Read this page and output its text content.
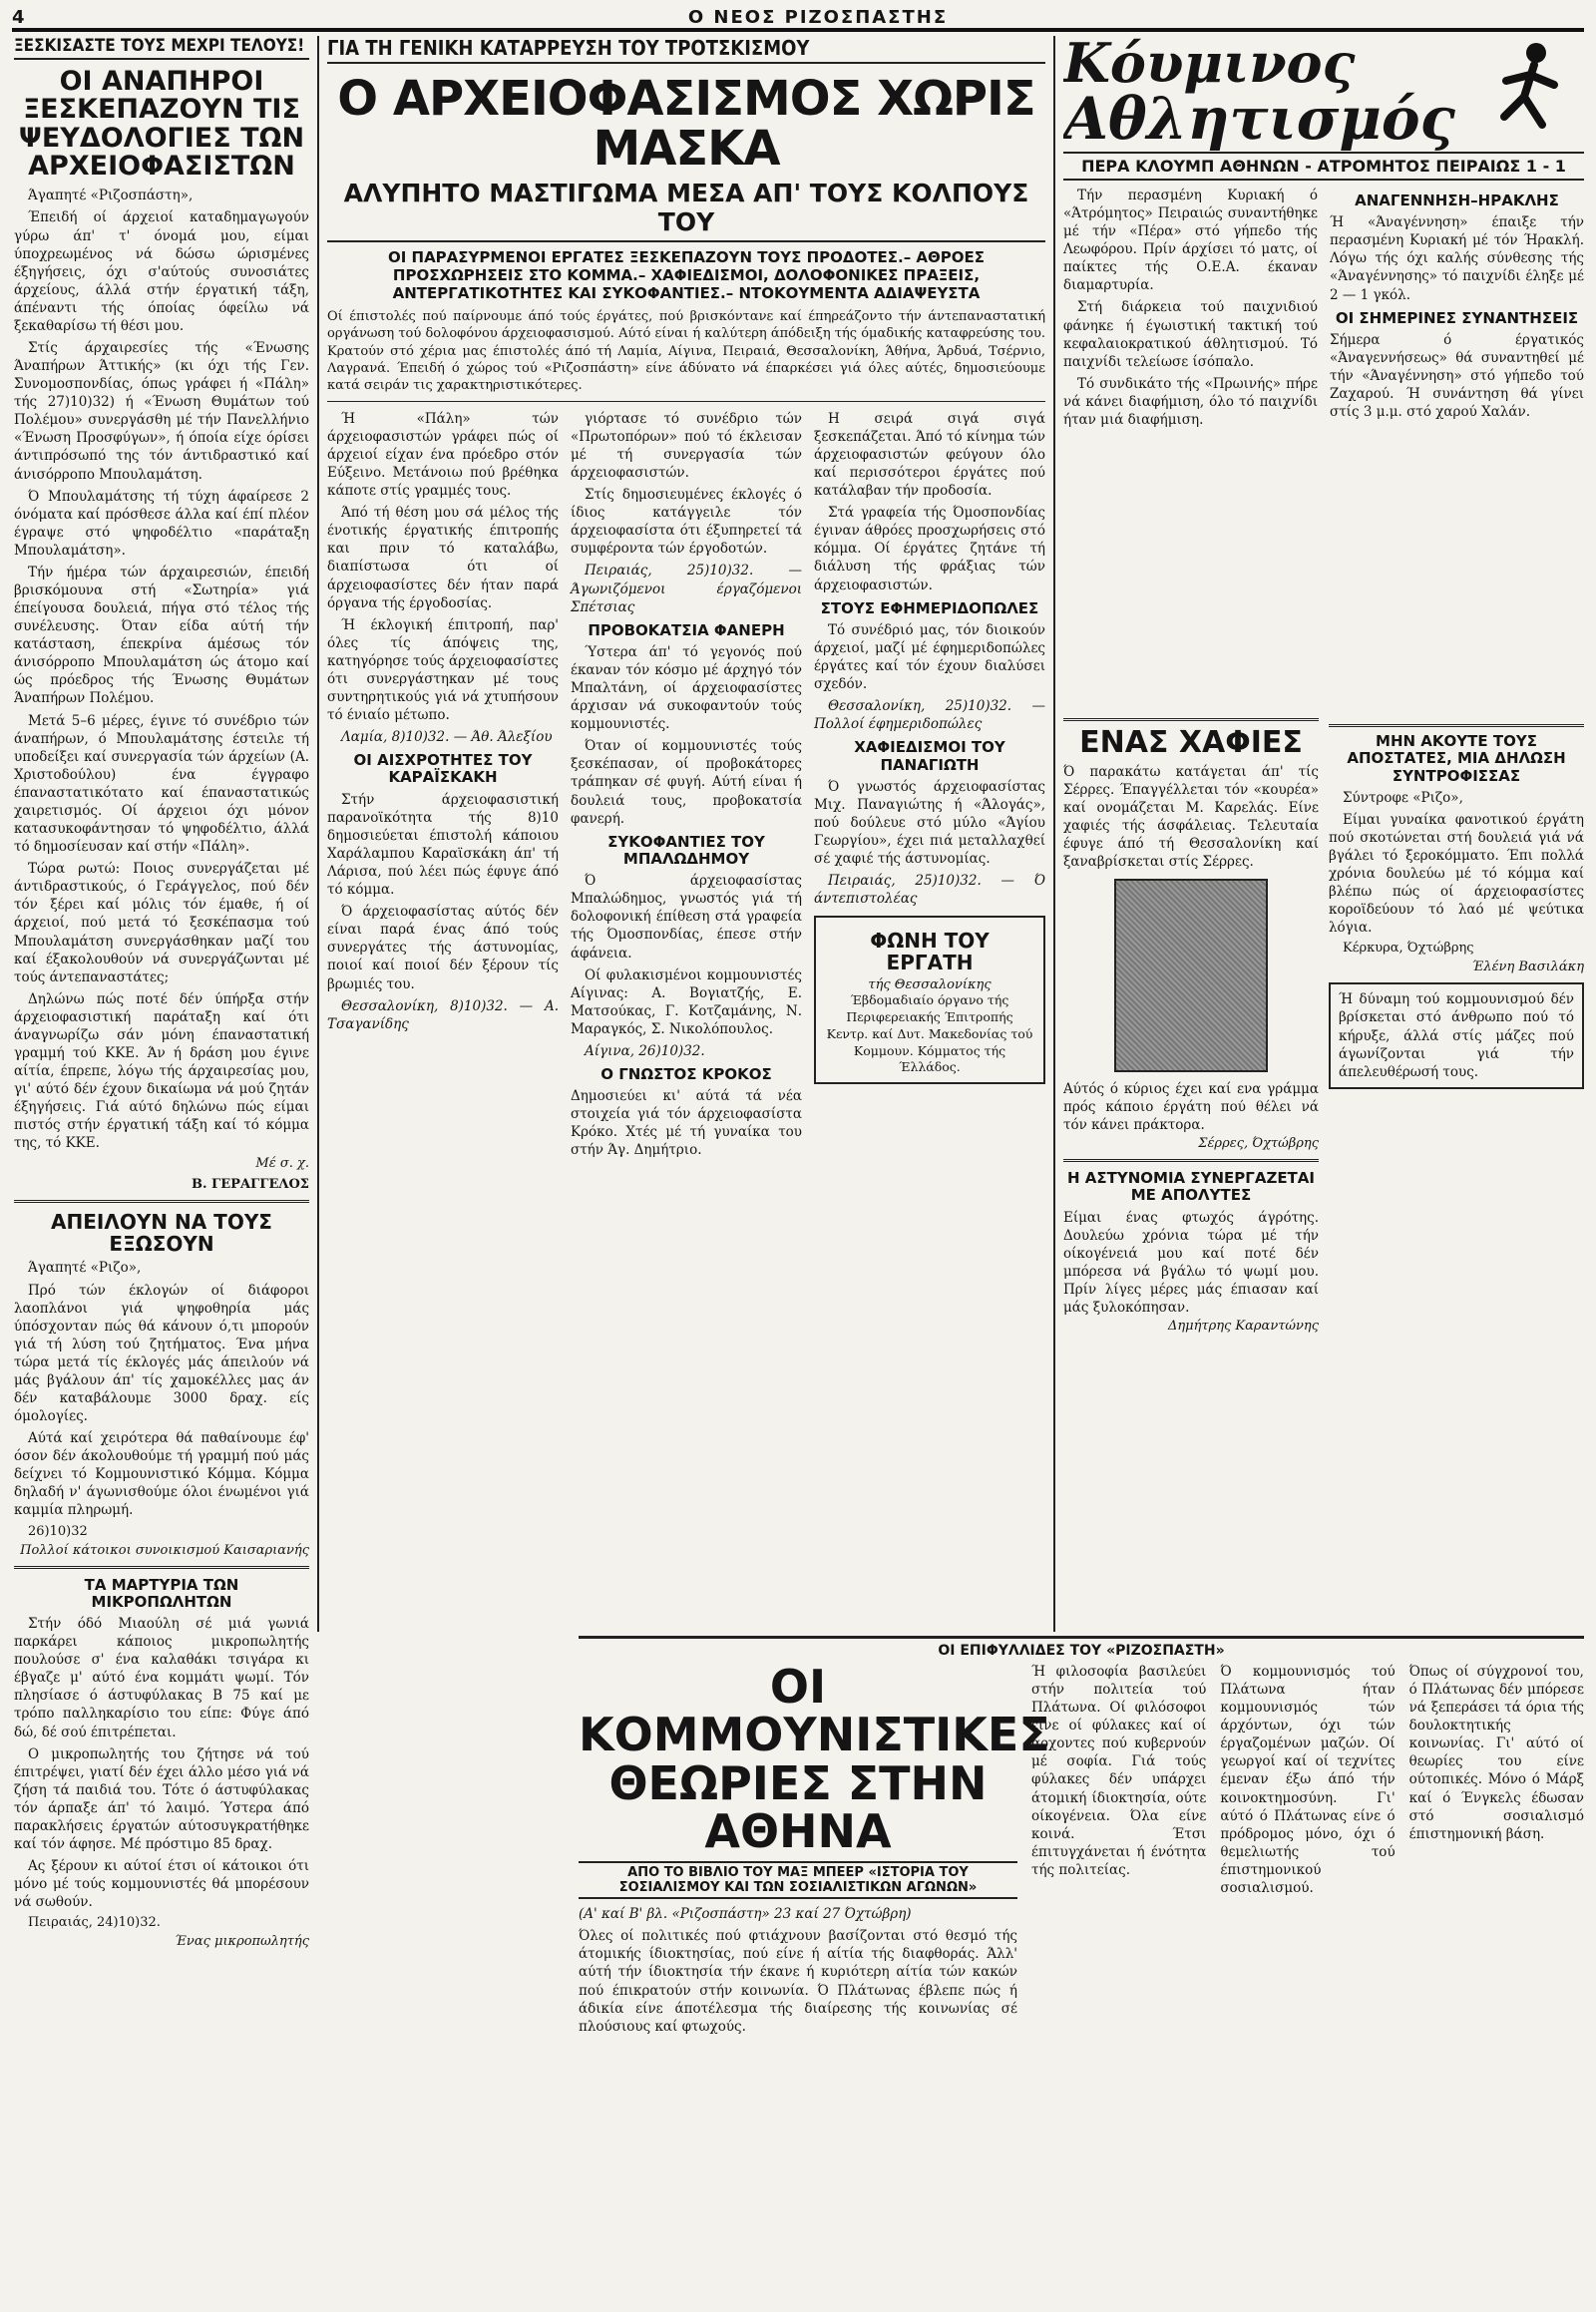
4	Ο ΝΕΟΣ ΡΙΖΟΣΠΑΣΤΗΣ
ΞΕΣΚΙΣΑΣΤΕ ΤΟΥΣ ΜΕΧΡΙ ΤΕΛΟΥΣ!
ΟΙ ΑΝΑΠΗΡΟΙ ΞΕΣΚΕΠΑΖΟΥΝ ΤΙΣ ΨΕΥΔΟΛΟΓΙΕΣ ΤΩΝ ΑΡΧΕΙΟΦΑΣΙΣΤΩΝ

Άγαπητέ «Ριζοσπάστη»,

Έπειδή οί άρχειοί καταδημαγωγούν γύρω άπ' τ' όνομά μου, είμαι ύποχρεωμένος νά δώσω ώρισμένες έξηγήσεις, όχι σ'αύτούς συνοσιάτες άρχείους, άλλά στήν έργατική τάξη, άπέναντι τής όποίας όφείλω νά ξεκαθαρίσω τή θέσι μου.

Στίς άρχαιρεσίες τής «Ένωσης Άναπήρων Άττικής» (κι όχι τής Γεν. Συνομοσπονδίας, όπως γράφει ή «Πάλη» τής 27)10)32) ή «Ένωση Θυμάτων τού Πολέμου» συνεργάσθη μέ τήν Πανελλήνιο «Ένωση Προσφύγων», ή όποία είχε όρίσει άντιπρόσωπό της τόν άντιδραστικό καί άνισόρροπο Μπουλαμάτση.

Ό Μπουλαμάτσης τή τύχη άφαίρεσε 2 όνόματα καί πρόσθεσε άλλα καί έπί πλέον έγραψε στό ψηφοδέλτιο «παράταξη Μπουλαμάτση».

Τήν ήμέρα τών άρχαιρεσιών, έπειδή βρισκόμουνα στή «Σωτηρία» γιά έπείγουσα δουλειά, πήγα στό τέλος τής συνέλευσης. Όταν είδα αύτή τήν κατάσταση, έπεκρίνα άμέσως τόν άνισόρροπο Μπουλαμάτση ώς άτομο καί ώς πρόεδρος τής Ένωσης Θυμάτων Άναπήρων Πολέμου.

Μετά 5–6 μέρες, έγινε τό συνέδριο τών άναπήρων, ό Μπουλαμάτσης έστειλε τή υποδείξει καί συνεργασία τών άρχείων (Α. Χριστοδούλου) ένα έγγραφο έπαναστατικότατο καί έπαναστατικώς χαιρετισμός. Οί άρχειοι όχι μόνον κατασυκοφάντησαν τό ψηφοδέλτιο, άλλά τό δημοσίευσαν καί στήν «Πάλη».

Τώρα ρωτώ: Ποιος συνεργάζεται μέ άντιδραστικούς, ό Γεράγγελος, πού δέν τόν ξέρει καί μόλις τόν έμαθε, ή οί άρχειοί, πού μετά τό ξεσκέπασμα τού Μπουλαμάτση συνεργάσθηκαν μαζί του καί έξακολουθούν νά συνεργάζωνται μέ τούς άντεπαναστάτες;

Δηλώνω πώς ποτέ δέν ύπήρξα στήν άρχειοφασιστική παράταξη καί ότι άναγνωρίζω σάν μόνη έπαναστατική γραμμή τού ΚΚΕ. Άν ή δράση μου έγινε αίτία, έπρεπε, λόγω τής άρχαιρεσίας μου, γι' αύτό δέν έχουν δικαίωμα νά μού ζητάν έξηγήσεις. Γιά αύτό δηλώνω πώς είμαι πιστός στήν έργατική τάξη καί τό κόμμα της, τό ΚΚΕ.

Μέ σ. χ.
Β. ΓΕΡΑΓΓΕΛΟΣ
ΑΠΕΙΛΟΥΝ ΝΑ ΤΟΥΣ ΕΞΩΣΟΥΝ

Άγαπητέ «Ριζο»,

Πρό τών έκλογών οί διάφοροι λαοπλάνοι γιά ψηφοθηρία μάς ύπόσχονταν πώς θά κάνουν ό,τι μπορούν γιά τή λύση τού ζητήματος. Ένα μήνα τώρα μετά τίς έκλογές μάς άπειλούν νά μάς βγάλουν άπ' τίς χαμοκέλλες μας άν δέν καταβάλουμε 3000 δραχ. είς όμολογίες.

Αύτά καί χειρότερα θά παθαίνουμε έφ' όσον δέν άκολουθούμε τή γραμμή πού μάς δείχνει τό Κομμουνιστικό Κόμμα. Κόμμα δηλαδή ν' άγωνισθούμε όλοι ένωμένοι γιά καμμία πληρωμή.

26)10)32
Πολλοί κάτοικοι συνοικισμού Καισαριανής
ΤΑ ΜΑΡΤΥΡΙΑ ΤΩΝ ΜΙΚΡΟΠΩΛΗΤΩΝ

Στήν όδό Μιαούλη σέ μιά γωνιά παρκάρει κάποιος μικροπωλητής πουλούσε σ' ένα καλαθάκι τσιγάρα κι έβγαζε μ' αύτό ένα κομμάτι ψωμί. Τόν πλησίασε ό άστυφύλακας Β 75 καί με τρόπο παλληκαρίσιο του είπε: Φύγε άπό δώ, δέ σού έπιτρέπεται.

Ο μικροπωλητής του ζήτησε νά τού έπιτρέψει, γιατί δέν έχει άλλο μέσο γιά νά ζήση τά παιδιά του. Τότε ό άστυφύλακας τόν άρπαξε άπ' τό λαιμό. Ύστερα άπό παρακλήσεις έργατών αύτοσυγκρατήθηκε καί τόν άφησε. Μέ πρόστιμο 85 δραχ.

Ας ξέρουν κι αύτοί έτσι οί κάτοικοι ότι μόνο μέ τούς κομμουνιστές θά μπορέσουν νά σωθούν.

Πειραιάς, 24)10)32.
Ένας μικροπωλητής
ΓΙΑ ΤΗ ΓΕΝΙΚΗ ΚΑΤΑΡΡΕΥΣΗ ΤΟΥ ΤΡΟΤΣΚΙΣΜΟΥ
Ο ΑΡΧΕΙΟΦΑΣΙΣΜΟΣ ΧΩΡΙΣ ΜΑΣΚΑ
ΑΛΥΠΗΤΟ ΜΑΣΤΙΓΩΜΑ ΜΕΣΑ ΑΠ' ΤΟΥΣ ΚΟΛΠΟΥΣ ΤΟΥ
ΟΙ ΠΑΡΑΣΥΡΜΕΝΟΙ ΕΡΓΑΤΕΣ ΞΕΣΚΕΠΑΖΟΥΝ ΤΟΥΣ ΠΡΟΔΟΤΕΣ.– ΑΘΡΟΕΣ ΠΡΟΣΧΩΡΗΣΕΙΣ ΣΤΟ ΚΟΜΜΑ.– ΧΑΦΙΕΔΙΣΜΟΙ, ΔΟΛΟΦΟΝΙΚΕΣ ΠΡΑΞΕΙΣ, ΑΝΤΕΡΓΑΤΙΚΟΤΗΤΕΣ ΚΑΙ ΣΥΚΟΦΑΝΤΙΕΣ.– ΝΤΟΚΟΥΜΕΝΤΑ ΑΔΙΑΨΕΥΣΤΑ
Οί έπιστολές πού παίρνουμε άπό τούς έργάτες, πού βρισκόντανε καί έπηρεάζοντο τήν άντεπαναστατική οργάνωση τού δολοφόνου άρχειοφασισμού. Αύτό είναι ή καλύτερη άπόδειξη τής όμαδικής καταφρεύσης του. Κρατούν στό χέρια μας έπιστολές άπό τή Λαμία, Αίγινα, Πειραιά, Θεσσαλονίκη, Άθήνα, Άρδυά, Τσέρνιο, Λαγρανά. Έπειδή ό χώρος τού «Ριζοσπάστη» είνε άδύνατο νά έπαρκέσει γιά όλες αύτές, δημοσιεύουμε κατά σειράν τις χαρακτηριστικότερες.

Ή «Πάλη» τών άρχειοφασιστών γράφει πώς οί άρχειοί είχαν ένα πρόεδρο στόν Εύξεινο. Μετάνοιω πού βρέθηκα κάποτε στίς γραμμές τους.

Άπό τή θέση μου σά μέλος τής ένοτικής έργατικής έπιτροπής και πριν τό καταλάβω, διαπίστωσα ότι οί άρχειοφασίστες δέν ήταν παρά όργανα τής έργοδοσίας.

Ή έκλογική έπιτροπή, παρ' όλες τίς άπόψεις της, κατηγόρησε τούς άρχειοφασίστες ότι συνεργάστηκαν μέ τους συντηρητικούς γιά νά χτυπήσουν τό ένιαίο μέτωπο.

Λαμία, 8)10)32. — Άθ. Άλεξίου

ΟΙ ΑΙΣΧΡΟΤΗΤΕΣ ΤΟΥ ΚΑΡΑΪΣΚΑΚΗ

Στήν άρχειοφασιστική παρανοϊκότητα τής 8)10 δημοσιεύεται έπιστολή κάποιου Χαράλαμπου Καραϊσκάκη άπ' τή Λάρισα, πού λέει πώς έφυγε άπό τό κόμμα.

Ό άρχειοφασίστας αύτός δέν είναι παρά ένας άπό τούς συνεργάτες τής άστυνομίας, ποιοί καί ποιοί δέν ξέρουν τίς βρωμιές του.

Θεσσαλονίκη, 8)10)32. — Α. Τσαγανίδης

γιόρτασε τό συνέδριο τών «Πρωτοπόρων» πού τό έκλεισαν μέ τή συνεργασία τών άρχειοφασιστών.

Στίς δημοσιευμένες έκλογές ό ίδιος κατάγγειλε τόν άρχειοφασίστα ότι έξυπηρετεί τά συμφέροντα τών έργοδοτών.

Πειραιάς, 25)10)32. — Άγωνιζόμενοι έργαζόμενοι Σπέτσιας

ΠΡΟΒΟΚΑΤΣΙΑ ΦΑΝΕΡΗ

Ύστερα άπ' τό γεγονός πού έκαναν τόν κόσμο μέ άρχηγό τόν Μπαλτάνη, οί άρχειοφασίστες άρχισαν νά συκοφαντούν τούς κομμουνιστές.

Όταν οί κομμουνιστές τούς ξεσκέπασαν, οί προβοκάτορες τράπηκαν σέ φυγή. Αύτή είναι ή δουλειά τους, προβοκατσία φανερή.

ΣΥΚΟΦΑΝΤΙΕΣ ΤΟΥ ΜΠΑΛΩΔΗΜΟΥ

Ό άρχειοφασίστας Μπαλώδημος, γνωστός γιά τή δολοφονική έπίθεση στά γραφεία τής Όμοσπονδίας, έπεσε στήν άφάνεια.

Οί φυλακισμένοι κομμουνιστές Αίγινας: Α. Βογιατζής, Ε. Ματσούκας, Γ. Κοτζαμάνης, Ν. Μαραγκός, Σ. Νικολόπουλος.

Αίγινα, 26)10)32.

Ο ΓΝΩΣΤΟΣ ΚΡΟΚΟΣ
Δημοσιεύει κι' αύτά τά νέα στοιχεία γιά τόν άρχειοφασίστα Κρόκο. Χτές μέ τή γυναίκα του στήν Άγ. Δημήτριο.

Η σειρά σιγά σιγά ξεσκεπάζεται. Άπό τό κίνημα τών άρχειοφασιστών φεύγουν όλο καί περισσότεροι έργάτες πού κατάλαβαν τήν προδοσία.

Στά γραφεία τής Όμοσπονδίας έγιναν άθρόες προσχωρήσεις στό κόμμα. Οί έργάτες ζητάνε τή διάλυση τής φράξιας τών άρχειοφασιστών.

ΣΤΟΥΣ ΕΦΗΜΕΡΙΔΟΠΩΛΕΣ

Τό συνέδριό μας, τόν διοικούν άρχειοί, μαζί μέ έφημεριδοπώλες έργάτες καί τόν έχουν διαλύσει σχεδόν.

Θεσσαλονίκη, 25)10)32. — Πολλοί έφημεριδοπώλες

ΧΑΦΙΕΔΙΣΜΟΙ ΤΟΥ ΠΑΝΑΓΙΩΤΗ

Ό γνωστός άρχειοφασίστας Μιχ. Παναγιώτης ή «Άλογάς», πού δούλευε στό μύλο «Άγίου Γεωργίου», έχει πιά μεταλλαχθεί σέ χαφιέ τής άστυνομίας.

Πειραιάς, 25)10)32. — Ό άντεπιστολέας

ΦΩΝΗ ΤΟΥ ΕΡΓΑΤΗ
τής Θεσσαλονίκης
Έβδομαδιαίο όργανο τής Περιφερειακής Έπιτροπής Κεντρ. καί Δυτ. Μακεδονίας τού Κομμουν. Κόμματος τής Έλλάδος.
Κόυμινος
Αθλητισμός
ΠΕΡΑ ΚΛΟΥΜΠ ΑΘΗΝΩΝ - ΑΤΡΟΜΗΤΟΣ ΠΕΙΡΑΙΩΣ 1 - 1

Τήν περασμένη Κυριακή ό «Άτρόμητος» Πειραιώς συναντήθηκε μέ τήν «Πέρα» στό γήπεδο τής Λεωφόρου. Πρίν άρχίσει τό ματς, οί παίκτες τής Ο.Ε.Α. έκαναν διαμαρτυρία.

Στή διάρκεια τού παιχνιδιού φάνηκε ή έγωιστική τακτική τού κεφαλαιοκρατικού άθλητισμού. Τό παιχνίδι τελείωσε ίσόπαλο.

Τό συνδικάτο τής «Πρωινής» πήρε νά κάνει διαφήμιση, όλο τό παιχνίδι ήταν μιά διαφήμιση.

ΑΝΑΓΕΝΝΗΣΗ–ΗΡΑΚΛΗΣ
Ή «Άναγέννηση» έπαιξε τήν περασμένη Κυριακή μέ τόν Ήρακλή. Λόγω τής όχι καλής σύνθεσης τής «Άναγέννησης» τό παιχνίδι έληξε μέ 2 — 1 γκόλ.
ΟΙ ΣΗΜΕΡΙΝΕΣ ΣΥΝΑΝΤΗΣΕΙΣ
Σήμερα ό έργατικός «Άναγεννήσεως» θά συναντηθεί μέ τήν «Άναγέννηση» στό γήπεδο τού Ζαχαρού. Ή συνάντηση θά γίνει στίς 3 μ.μ. στό χαρού Χαλάν.
ΕΝΑΣ ΧΑΦΙΕΣ
Ό παρακάτω κατάγεται άπ' τίς Σέρρες. Έπαγγέλλεται τόν «κουρέα» καί ονομάζεται Μ. Καρελάς. Είνε χαφιές τής άσφάλειας. Τελευταία έφυγε άπό τή Θεσσαλονίκη καί ξαναβρίσκεται στίς Σέρρες.
Αύτός ό κύριος έχει καί ενα γράμμα πρός κάποιο έργάτη πού θέλει νά τόν κάνει πράκτορα.
Σέρρες, Όχτώβρης
Η ΑΣΤΥΝΟΜΙΑ ΣΥΝΕΡΓΑΖΕΤΑΙ ΜΕ ΑΠΟΛΥΤΕΣ
Είμαι ένας φτωχός άγρότης. Δουλεύω χρόνια τώρα μέ τήν οίκογένειά μου καί ποτέ δέν μπόρεσα νά βγάλω τό ψωμί μου. Πρίν λίγες μέρες μάς έπιασαν καί μάς ξυλοκόπησαν.
Δημήτρης Καραντώνης
ΜΗΝ ΑΚΟΥΤΕ ΤΟΥΣ ΑΠΟΣΤΑΤΕΣ, ΜΙΑ ΔΗΛΩΣΗ ΣΥΝΤΡΟΦΙΣΣΑΣ

Σύντροφε «Ριζο»,

Είμαι γυναίκα φανοτικού έργάτη πού σκοτώνεται στή δουλειά γιά νά βγάλει τό ξεροκόμματο. Έπι πολλά χρόνια δουλεύω μέ τό κόμμα καί βλέπω πώς οί άρχειοφασίστες κοροϊδεύουν τό λαό μέ ψεύτικα λόγια.

Κέρκυρα, Όχτώβρης
Έλένη Βασιλάκη
Ή δύναμη τού κομμουνισμού δέν βρίσκεται στό άνθρωπο πού τό κήρυξε, άλλά στίς μάζες πού άγωνίζονται γιά τήν άπελευθέρωσή τους.
ΟΙ ΕΠΙΦΥΛΛΙΔΕΣ ΤΟΥ «ΡΙΖΟΣΠΑΣΤΗ»
ΟΙ ΚΟΜΜΟΥΝΙΣΤΙΚΕΣ
ΘΕΩΡΙΕΣ ΣΤΗΝ ΑΘΗΝΑ
ΑΠΟ ΤΟ ΒΙΒΛΙΟ ΤΟΥ ΜΑΞ ΜΠΕΕΡ «ΙΣΤΟΡΙΑ ΤΟΥ ΣΟΣΙΑΛΙΣΜΟΥ ΚΑΙ ΤΩΝ ΣΟΣΙΑΛΙΣΤΙΚΩΝ ΑΓΩΝΩΝ»
(Α' καί Β' βλ. «Ριζοσπάστη» 23 καί 27 Όχτώβρη)
Όλες οί πολιτικές πού φτιάχνουν βασίζονται στό θεσμό τής άτομικής ίδιοκτησίας, πού είνε ή αίτία τής διαφθοράς. Άλλ' αύτή τήν ίδιοκτησία τήν έκανε ή κυριότερη αίτία τών κακών πού έπικρατούν στήν κοινωνία. Ό Πλάτωνας έβλεπε πώς ή άδικία είνε άποτέλεσμα τής διαίρεσης τής κοινωνίας σέ πλούσιους καί φτωχούς.
Ή φιλοσοφία βασιλεύει στήν πολιτεία τού Πλάτωνα. Οί φιλόσοφοι είνε οί φύλακες καί οί άρχοντες πού κυβερνούν μέ σοφία. Γιά τούς φύλακες δέν υπάρχει άτομική ίδιοκτησία, ούτε οίκογένεια. Όλα είνε κοινά. Έτσι έπιτυγχάνεται ή ένότητα τής πολιτείας.
Ό κομμουνισμός τού Πλάτωνα ήταν κομμουνισμός τών άρχόντων, όχι τών έργαζομένων μαζών. Οί γεωργοί καί οί τεχνίτες έμεναν έξω άπό τήν κοινοκτημοσύνη. Γι' αύτό ό Πλάτωνας είνε ό πρόδρομος μόνο, όχι ό θεμελιωτής τού έπιστημονικού σοσιαλισμού.
Όπως οί σύγχρονοί του, ό Πλάτωνας δέν μπόρεσε νά ξεπεράσει τά όρια τής δουλοκτητικής κοινωνίας. Γι' αύτό οί θεωρίες του είνε ούτοπικές. Μόνο ό Μάρξ καί ό Ένγκελς έδωσαν στό σοσιαλισμό έπιστημονική βάση.
